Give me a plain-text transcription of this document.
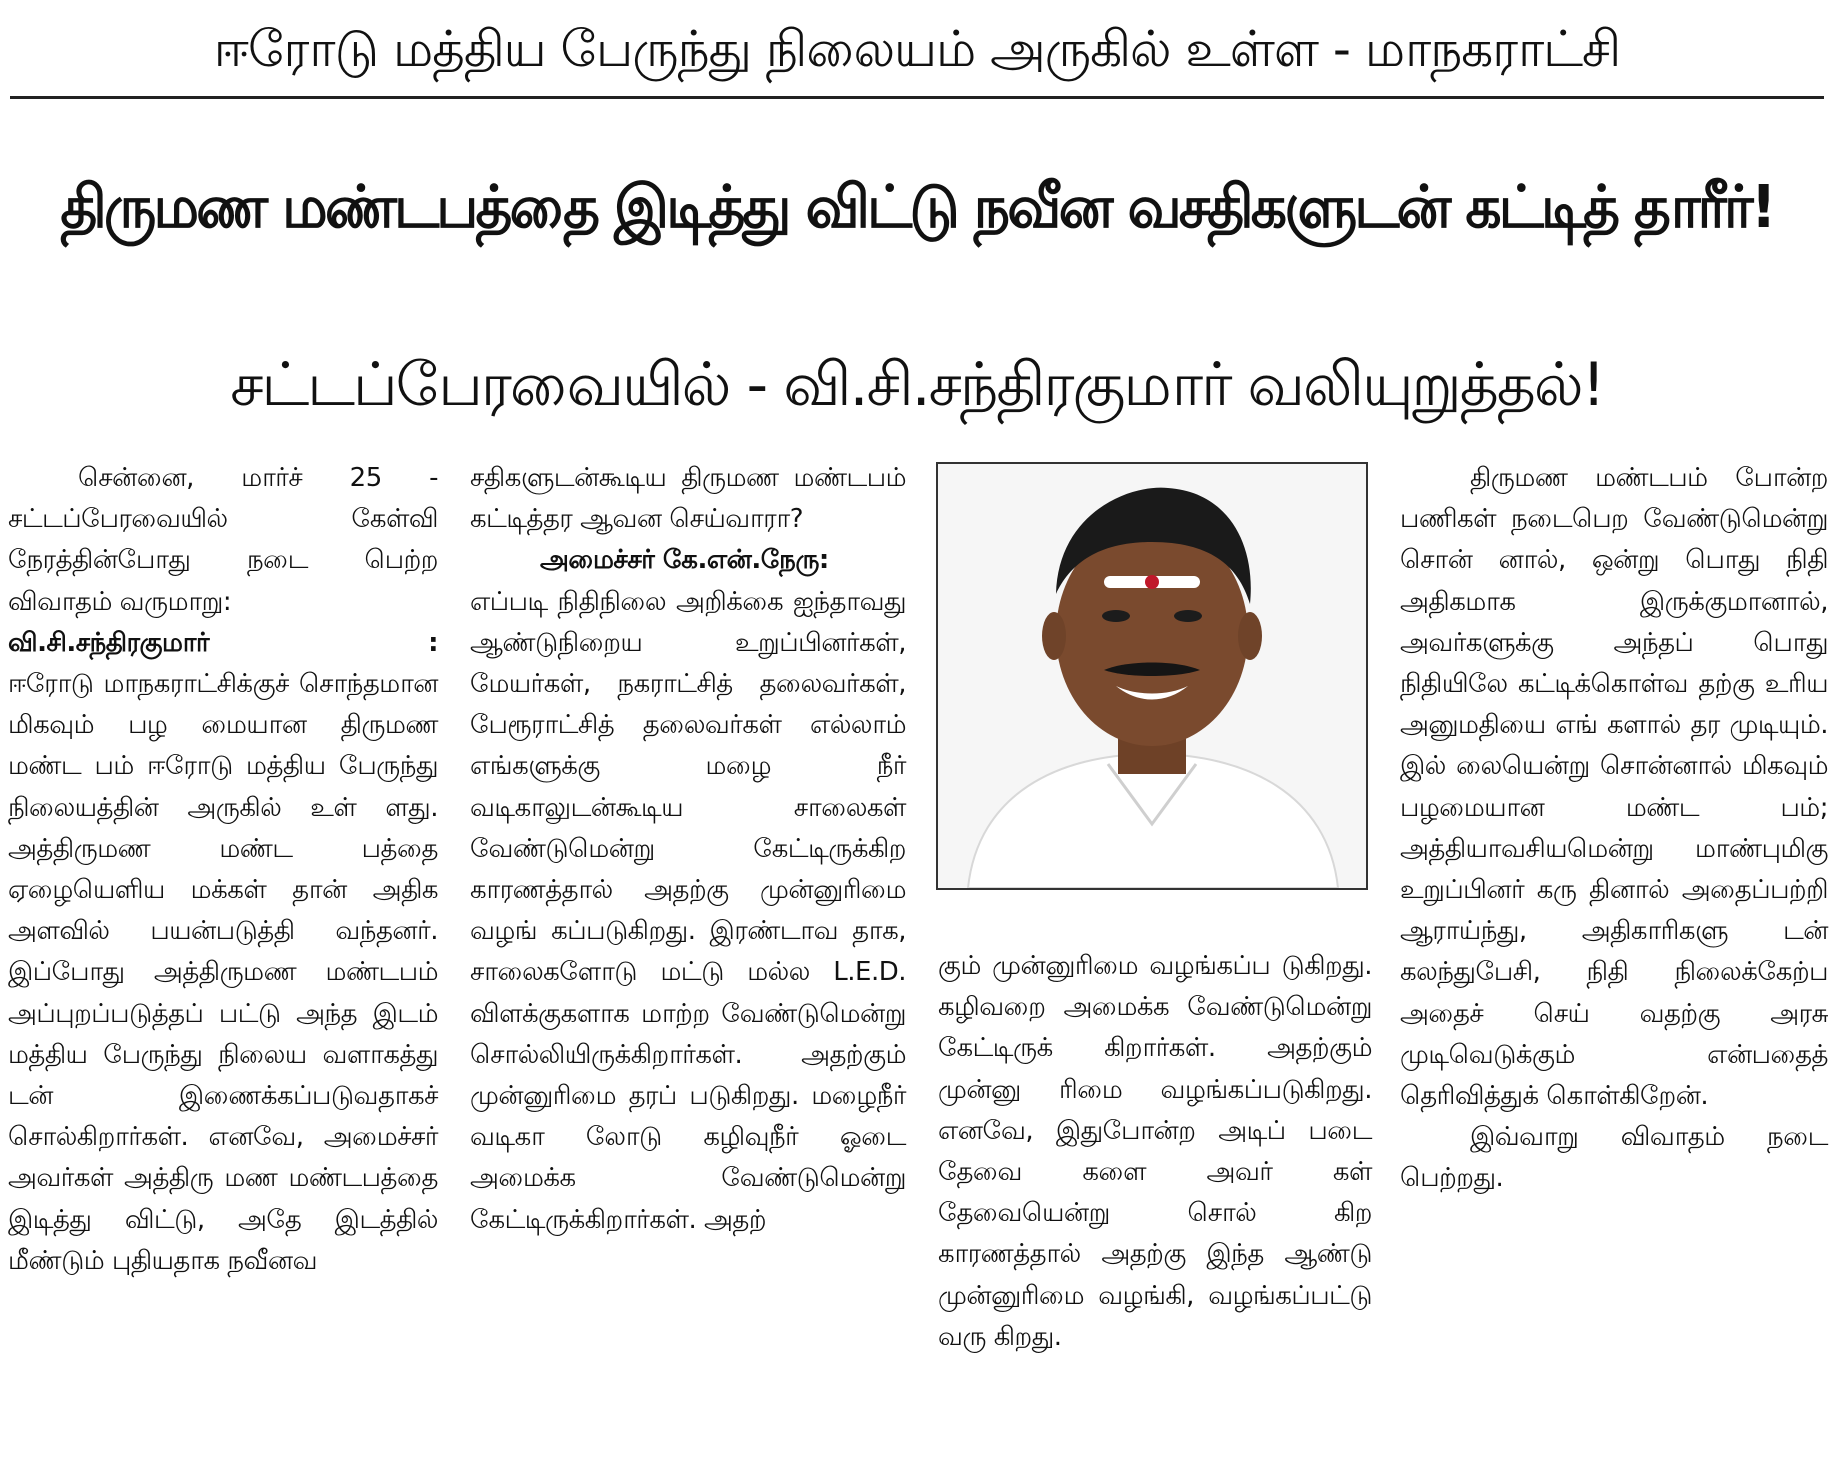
ஈரோடு மத்திய பேருந்து நிலையம் அருகில் உள்ள - மாநகராட்சி
திருமண மண்டபத்தை இடித்து விட்டு நவீன வசதிகளுடன் கட்டித் தாரீர்!
சட்டப்பேரவையில் - வி.சி.சந்திரகுமார் வலியுறுத்தல்!

சென்னை, மார்ச் 25 - சட்டப்பேரவையில் கேள்வி நேரத்தின்போது நடை பெற்ற விவாதம் வருமாறு:

வி.சி.சந்திரகுமார்	:

ஈரோடு மாநகராட்சிக்குச் சொந்தமான மிகவும் பழ மையான திருமண மண்ட பம் ஈரோடு மத்திய பேருந்து நிலையத்தின் அருகில் உள் ளது. அத்திருமண மண்ட பத்தை ஏழையெளிய மக்கள் தான் அதிக அளவில் பயன்படுத்தி வந்தனர். இப்போது அத்திருமண மண்டபம் அப்புறப்படுத்தப் பட்டு அந்த இடம் மத்திய பேருந்து நிலைய வளாகத்து டன் இணைக்கப்படுவதாகச் சொல்கிறார்கள். எனவே, அமைச்சர் அவர்கள் அத்திரு மண மண்டபத்தை இடித்து விட்டு, அதே இடத்தில் மீண்டும் புதியதாக நவீனவ

சதிகளுடன்கூடிய திருமண மண்டபம் கட்டித்தர ஆவன செய்வாரா?

அமைச்சர் கே.என்.நேரு:

எப்படி நிதிநிலை அறிக்கை ஐந்தாவது ஆண்டுநிறைய உறுப்பினர்கள், மேயர்கள், நகராட்சித் தலைவர்கள், பேரூராட்சித் தலைவர்கள் எல்லாம் எங்களுக்கு மழை நீர் வடிகாலுடன்கூடிய சாலைகள் வேண்டுமென்று கேட்டிருக்கிற காரணத்தால் அதற்கு முன்னுரிமை வழங் கப்படுகிறது. இரண்டாவ தாக, சாலைகளோடு மட்டு மல்ல L.E.D. விளக்குகளாக மாற்ற வேண்டுமென்று சொல்லியிருக்கிறார்கள். அதற்கும் முன்னுரிமை தரப் படுகிறது. மழைநீர் வடிகா லோடு கழிவுநீர் ஓடை அமைக்க வேண்டுமென்று கேட்டிருக்கிறார்கள். அதற்

கும் முன்னுரிமை வழங்கப்ப டுகிறது. கழிவறை அமைக்க வேண்டுமென்று கேட்டிருக் கிறார்கள். அதற்கும் முன்னு ரிமை வழங்கப்படுகிறது. எனவே, இதுபோன்ற அடிப் படை தேவை களை அவர் கள் தேவையென்று சொல் கிற காரணத்தால் அதற்கு இந்த ஆண்டு முன்னுரிமை வழங்கி, வழங்கப்பட்டு வரு கிறது.

திருமண மண்டபம் போன்ற பணிகள் நடைபெற வேண்டுமென்று சொன் னால், ஒன்று பொது நிதி அதிகமாக இருக்குமானால், அவர்களுக்கு அந்தப் பொது நிதியிலே கட்டிக்கொள்வ தற்கு உரிய அனுமதியை எங் களால் தர முடியும். இல் லையென்று சொன்னால் மிகவும் பழமையான மண்ட பம்; அத்தியாவசியமென்று மாண்புமிகு உறுப்பினர் கரு தினால் அதைப்பற்றி ஆராய்ந்து, அதிகாரிகளு டன் கலந்துபேசி, நிதி நிலைக்கேற்ப அதைச் செய் வதற்கு அரசு முடிவெடுக்கும் என்பதைத் தெரிவித்துக் கொள்கிறேன்.

இவ்வாறு விவாதம் நடை பெற்றது.
